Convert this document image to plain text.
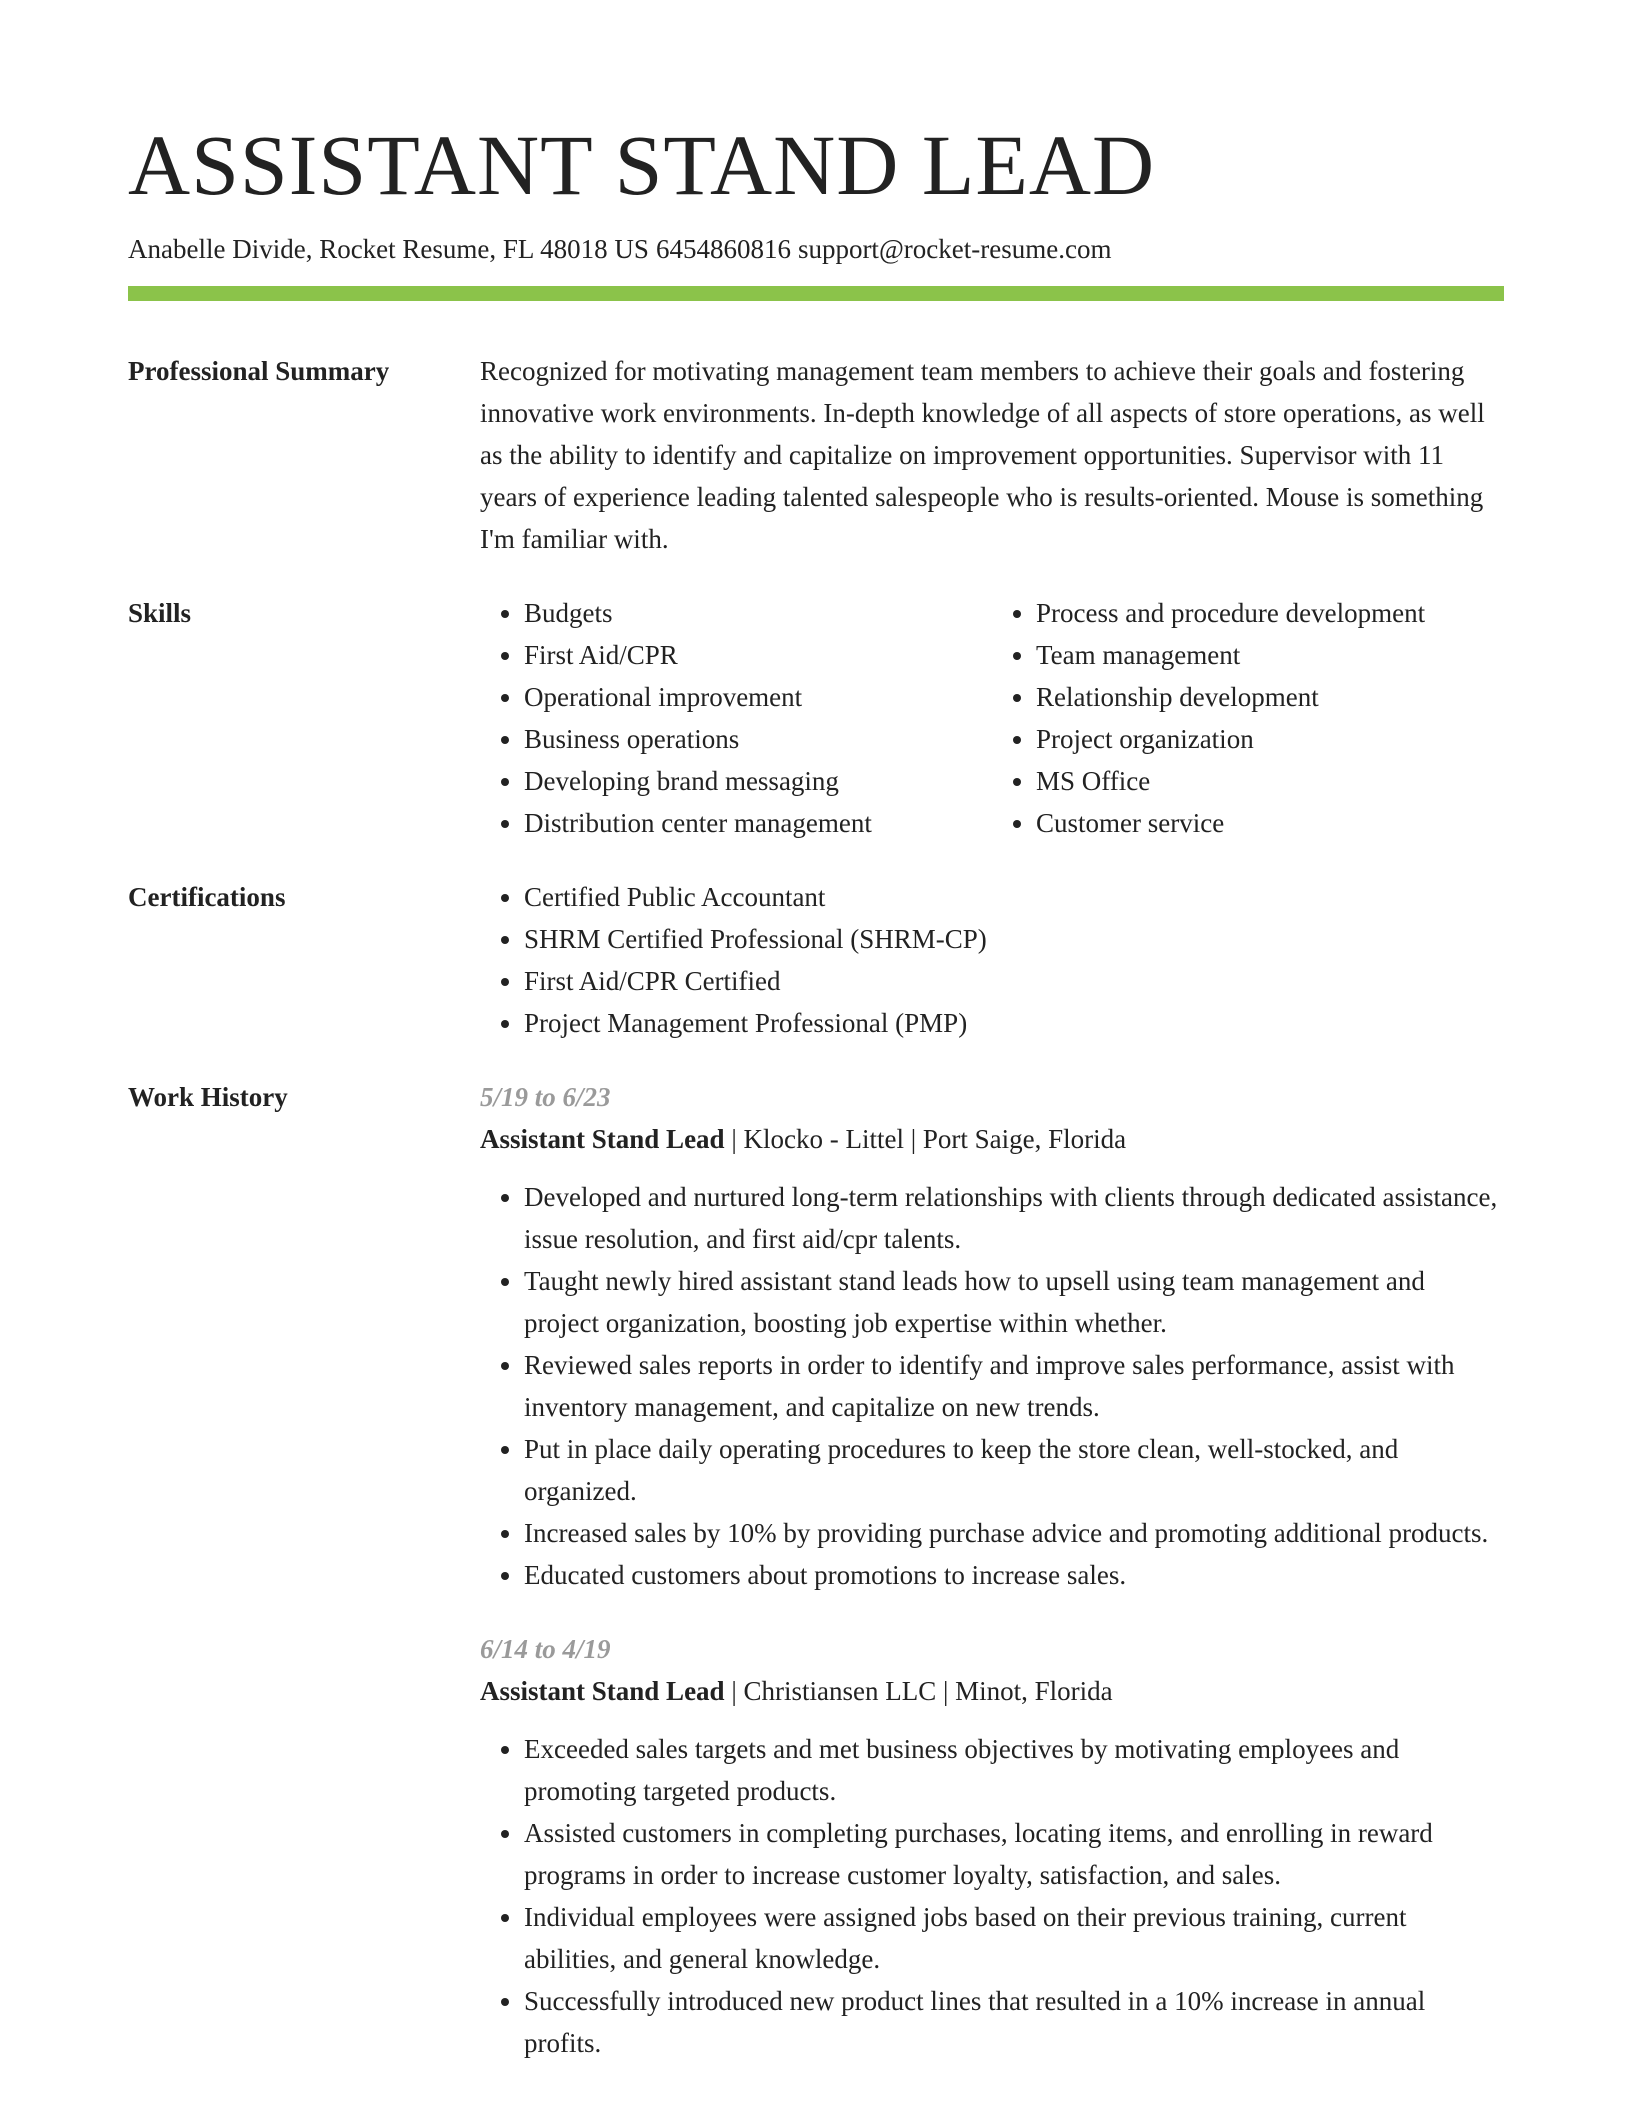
ASSISTANT STAND LEAD
Anabelle Divide, Rocket Resume, FL 48018 US 6454860816 support@rocket-resume.com
Professional Summary	Recognized for motivating management team members to achieve their goals and fostering innovative work environments. In-depth knowledge of all aspects of store operations, as well as the ability to identify and capitalize on improvement opportunities. Supervisor with 11 years of experience leading talented salespeople who is results-oriented. Mouse is something I'm familiar with.

Skills	• Budgets
• First Aid/CPR
• Operational improvement
• Business operations
• Developing brand messaging
• Distribution center management
• Process and procedure development
• Team management
• Relationship development
• Project organization
• MS Office
• Customer service
Certifications	• Certified Public Accountant
• SHRM Certified Professional (SHRM-CP)
• First Aid/CPR Certified
• Project Management Professional (PMP)
Work History	5/19 to 6/23
Assistant Stand Lead | Klocko - Littel | Port Saige, Florida
• Developed and nurtured long-term relationships with clients through dedicated assistance, issue resolution, and first aid/cpr talents.
• Taught newly hired assistant stand leads how to upsell using team management and project organization, boosting job expertise within whether.
• Reviewed sales reports in order to identify and improve sales performance, assist with inventory management, and capitalize on new trends.
• Put in place daily operating procedures to keep the store clean, well-stocked, and organized.
• Increased sales by 10% by providing purchase advice and promoting additional products.
• Educated customers about promotions to increase sales.
6/14 to 4/19
Assistant Stand Lead | Christiansen LLC | Minot, Florida
• Exceeded sales targets and met business objectives by motivating employees and promoting targeted products.
• Assisted customers in completing purchases, locating items, and enrolling in reward programs in order to increase customer loyalty, satisfaction, and sales.
• Individual employees were assigned jobs based on their previous training, current abilities, and general knowledge.
• Successfully introduced new product lines that resulted in a 10% increase in annual profits.
